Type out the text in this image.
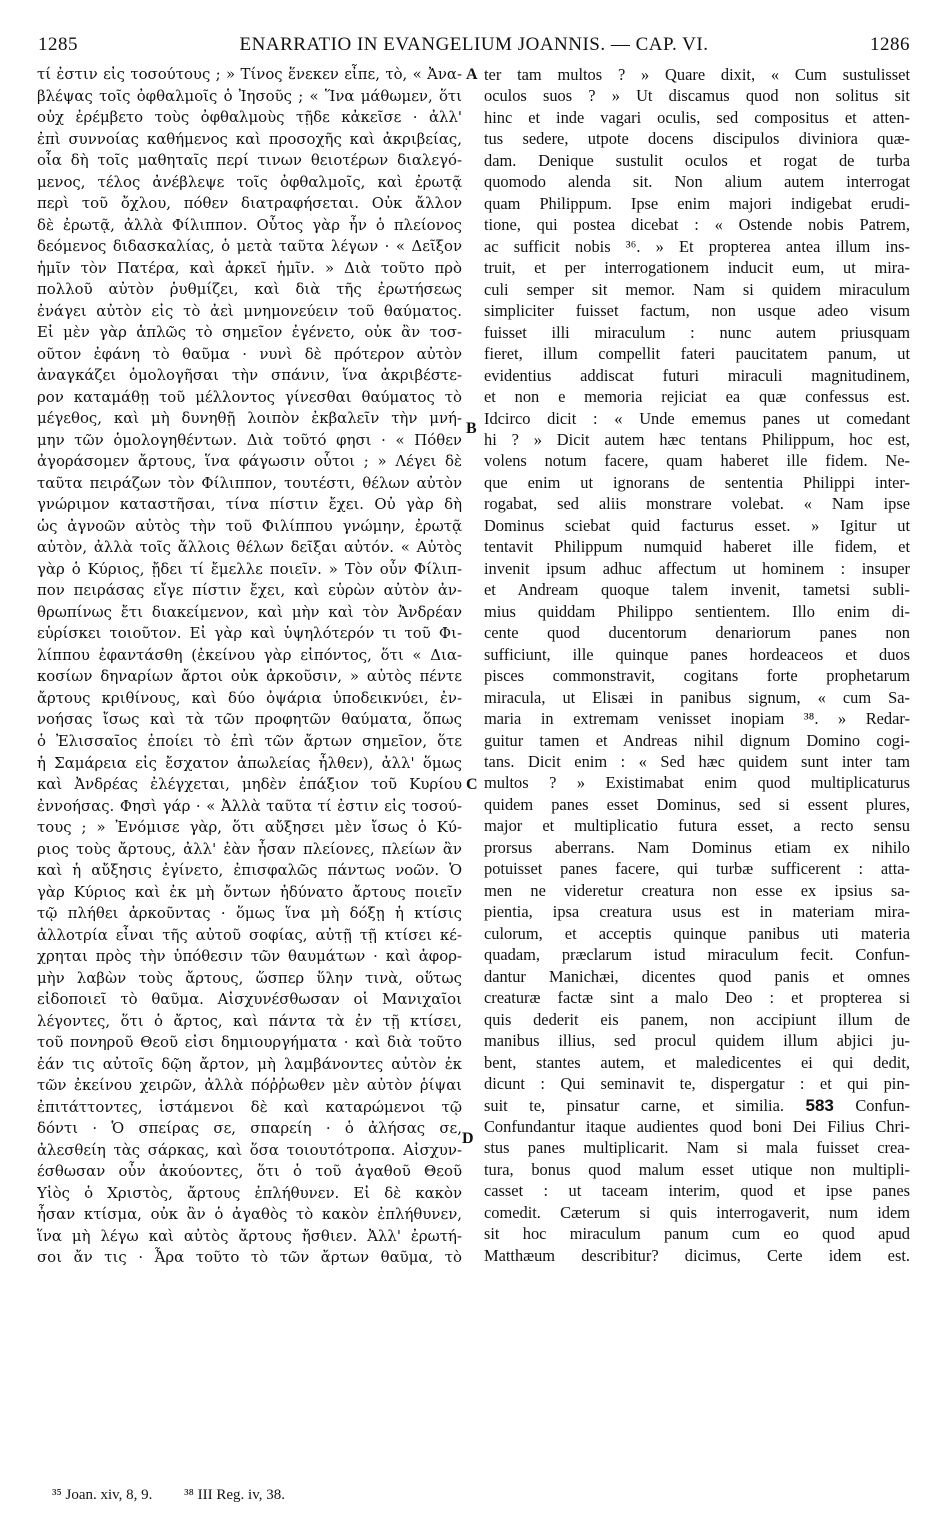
1285	ENARRATIO IN EVANGELIUM JOANNIS. — CAP. VI.	1286
τί ἐστιν εἰς τοσούτους ; » Τίνος ἕνεκεν εἶπε, τὸ, « Ἀνα-
βλέψας τοῖς ὀφθαλμοῖς ὁ Ἰησοῦς ; « Ἵνα μάθωμεν, ὅτι
οὐχ ἐρέμβετο τοὺς ὀφθαλμοὺς τῇδε κἀκεῖσε · ἀλλ'
ἐπὶ συννοίας καθήμενος καὶ προσοχῆς καὶ ἀκριβείας,
οἷα δὴ τοῖς μαθηταῖς περί τινων θειοτέρων διαλεγό-
μενος, τέλος ἀνέβλεψε τοῖς ὀφθαλμοῖς, καὶ ἐρωτᾷ
περὶ τοῦ ὄχλου, πόθεν διατραφήσεται. Οὐκ ἄλλον
δὲ ἐρωτᾷ, ἀλλὰ Φίλιππον. Οὗτος γὰρ ἦν ὁ πλείονος
δεόμενος διδασκαλίας, ὁ μετὰ ταῦτα λέγων · « Δεῖξον
ἡμῖν τὸν Πατέρα, καὶ ἀρκεῖ ἡμῖν. » Διὰ τοῦτο πρὸ
πολλοῦ αὐτὸν ῥυθμίζει, καὶ διὰ τῆς ἐρωτήσεως
ἐνάγει αὐτὸν εἰς τὸ ἀεὶ μνημονεύειν τοῦ θαύματος.
Εἰ μὲν γὰρ ἁπλῶς τὸ σημεῖον ἐγένετο, οὐκ ἂν τοσ-
οῦτον ἐφάνη τὸ θαῦμα · νυνὶ δὲ πρότερον αὐτὸν
ἀναγκάζει ὁμολογῆσαι τὴν σπάνιν, ἵνα ἀκριβέστε-
ρον καταμάθῃ τοῦ μέλλοντος γίνεσθαι θαύματος τὸ
μέγεθος, καὶ μὴ δυνηθῇ λοιπὸν ἐκβαλεῖν τὴν μνή-
μην τῶν ὁμολογηθέντων. Διὰ τοῦτό φησι · « Πόθεν
ἀγοράσομεν ἄρτους, ἵνα φάγωσιν οὗτοι ; » Λέγει δὲ
ταῦτα πειράζων τὸν Φίλιππον, τουτέστι, θέλων αὐτὸν
γνώριμον καταστῆσαι, τίνα πίστιν ἔχει. Οὐ γὰρ δὴ
ὡς ἀγνοῶν αὐτὸς τὴν τοῦ Φιλίππου γνώμην, ἐρωτᾷ
αὐτὸν, ἀλλὰ τοῖς ἄλλοις θέλων δεῖξαι αὐτόν. « Αὐτὸς
γὰρ ὁ Κύριος, ᾔδει τί ἔμελλε ποιεῖν. » Τὸν οὖν Φίλιπ-
πον πειράσας εἴγε πίστιν ἔχει, καὶ εὑρὼν αὐτὸν ἀν-
θρωπίνως ἔτι διακείμενον, καὶ μὴν καὶ τὸν Ἀνδρέαν
εὑρίσκει τοιοῦτον. Εἰ γὰρ καὶ ὑψηλότερόν τι τοῦ Φι-
λίππου ἐφαντάσθη (ἐκείνου γὰρ εἰπόντος, ὅτι « Δια-
κοσίων δηναρίων ἄρτοι οὐκ ἀρκοῦσιν, » αὐτὸς πέντε
ἄρτους κριθίνους, καὶ δύο ὀψάρια ὑποδεικνύει, ἐν-
νοήσας ἴσως καὶ τὰ τῶν προφητῶν θαύματα, ὅπως
ὁ Ἐλισσαῖος ἐποίει τὸ ἐπὶ τῶν ἄρτων σημεῖον, ὅτε
ἡ Σαμάρεια εἰς ἔσχατον ἀπωλείας ἦλθεν), ἀλλ' ὅμως
καὶ Ἀνδρέας ἐλέγχεται, μηδὲν ἐπάξιον τοῦ Κυρίου
ἐννοήσας. Φησὶ γάρ · « Ἀλλὰ ταῦτα τί ἐστιν εἰς τοσού-
τους ; » Ἐνόμισε γὰρ, ὅτι αὔξησει μὲν ἴσως ὁ Κύ-
ριος τοὺς ἄρτους, ἀλλ' ἐὰν ἦσαν πλείονες, πλείων ἂν
καὶ ἡ αὔξησις ἐγίνετο, ἐπισφαλῶς πάντως νοῶν. Ὁ
γὰρ Κύριος καὶ ἐκ μὴ ὄντων ἠδύνατο ἄρτους ποιεῖν
τῷ πλήθει ἀρκοῦντας · ὅμως ἵνα μὴ δόξῃ ἡ κτίσις
ἀλλοτρία εἶναι τῆς αὐτοῦ σοφίας, αὐτῇ τῇ κτίσει κέ-
χρηται πρὸς τὴν ὑπόθεσιν τῶν θαυμάτων · καὶ ἀφορ-
μὴν λαβὼν τοὺς ἄρτους, ὥσπερ ὕλην τινὰ, οὕτως
εἰδοποιεῖ τὸ θαῦμα. Αἰσχυνέσθωσαν οἱ Μανιχαῖοι
λέγοντες, ὅτι ὁ ἄρτος, καὶ πάντα τὰ ἐν τῇ κτίσει,
τοῦ πονηροῦ Θεοῦ εἰσι δημιουργήματα · καὶ διὰ τοῦτο
ἐάν τις αὐτοῖς δῷη ἄρτον, μὴ λαμβάνοντες αὐτὸν ἐκ
τῶν ἐκείνου χειρῶν, ἀλλὰ πόῤῥωθεν μὲν αὐτὸν ῥίψαι
ἐπιτάττοντες, ἱστάμενοι δὲ καὶ καταρώμενοι τῷ
δόντι · Ὁ σπείρας σε, σπαρείη · ὁ ἀλήσας σε,
ἀλεσθείη τὰς σάρκας, καὶ ὅσα τοιουτότροπα. Αἰσχυν-
έσθωσαν οὖν ἀκούοντες, ὅτι ὁ τοῦ ἀγαθοῦ Θεοῦ
Υἱὸς ὁ Χριστὸς, ἄρτους ἐπλήθυνεν. Εἰ δὲ κακὸν
ἦσαν κτίσμα, οὐκ ἂν ὁ ἀγαθὸς τὸ κακὸν ἐπλήθυνεν,
ἵνα μὴ λέγω καὶ αὐτὸς ἄρτους ἤσθιεν. Ἀλλ' ἐρωτή-
σοι ἄν τις · Ἆρα τοῦτο τὸ τῶν ἄρτων θαῦμα, τὸ
ter tam multos ? » Quare dixit, « Cum sustulisset
oculos suos ? » Ut discamus quod non solitus sit
hinc et inde vagari oculis, sed compositus et atten-
tus sedere, utpote docens discipulos diviniora quæ-
dam. Denique sustulit oculos et rogat de turba
quomodo alenda sit. Non alium autem interrogat
quam Philippum. Ipse enim majori indigebat erudi-
tione, qui postea dicebat : « Ostende nobis Patrem,
ac sufficit nobis ³⁶. » Et propterea antea illum ins-
truit, et per interrogationem inducit eum, ut mira-
culi semper sit memor. Nam si quidem miraculum
simpliciter fuisset factum, non usque adeo visum
fuisset illi miraculum : nunc autem priusquam
fieret, illum compellit fateri paucitatem panum, ut
evidentius addiscat futuri miraculi magnitudinem,
et non e memoria rejiciat ea quæ confessus est.
Idcirco dicit : « Unde ememus panes ut comedant
hi ? » Dicit autem hæc tentans Philippum, hoc est,
volens notum facere, quam haberet ille fidem. Ne-
que enim ut ignorans de sententia Philippi inter-
rogabat, sed aliis monstrare volebat. « Nam ipse
Dominus sciebat quid facturus esset. » Igitur ut
tentavit Philippum numquid haberet ille fidem, et
invenit ipsum adhuc affectum ut hominem : insuper
et Andream quoque talem invenit, tametsi subli-
mius quiddam Philippo sentientem. Illo enim di-
cente quod ducentorum denariorum panes non
sufficiunt, ille quinque panes hordeaceos et duos
pisces commonstravit, cogitans forte prophetarum
miracula, ut Elisæi in panibus signum, « cum Sa-
maria in extremam venisset inopiam ³⁸. » Redar-
guitur tamen et Andreas nihil dignum Domino cogi-
tans. Dicit enim : « Sed hæc quidem sunt inter tam
multos ? » Existimabat enim quod multiplicaturus
quidem panes esset Dominus, sed si essent plures,
major et multiplicatio futura esset, a recto sensu
prorsus aberrans. Nam Dominus etiam ex nihilo
potuisset panes facere, qui turbæ sufficerent : atta-
men ne videretur creatura non esse ex ipsius sa-
pientia, ipsa creatura usus est in materiam mira-
culorum, et acceptis quinque panibus uti materia
quadam, præclarum istud miraculum fecit. Confun-
dantur Manichæi, dicentes quod panis et omnes
creaturæ factæ sint a malo Deo : et propterea si
quis dederit eis panem, non accipiunt illum de
manibus illius, sed procul quidem illum abjici ju-
bent, stantes autem, et maledicentes ei qui dedit,
dicunt : Qui seminavit te, dispergatur : et qui pin-
suit te, pinsatur carne, et similia. 583 Confun-
Confundantur itaque audientes quod boni Dei Filius Chri-
stus panes multiplicarit. Nam si mala fuisset crea-
tura, bonus quod malum esset utique non multipli-
casset : ut taceam interim, quod et ipse panes
comedit. Cæterum si quis interrogaverit, num idem
sit hoc miraculum panum cum eo quod apud
Matthæum describitur? dicimus, Certe idem est.
A
B
C
D
³⁵ Joan. xiv, 8, 9. ³⁸ III Reg. iv, 38.
